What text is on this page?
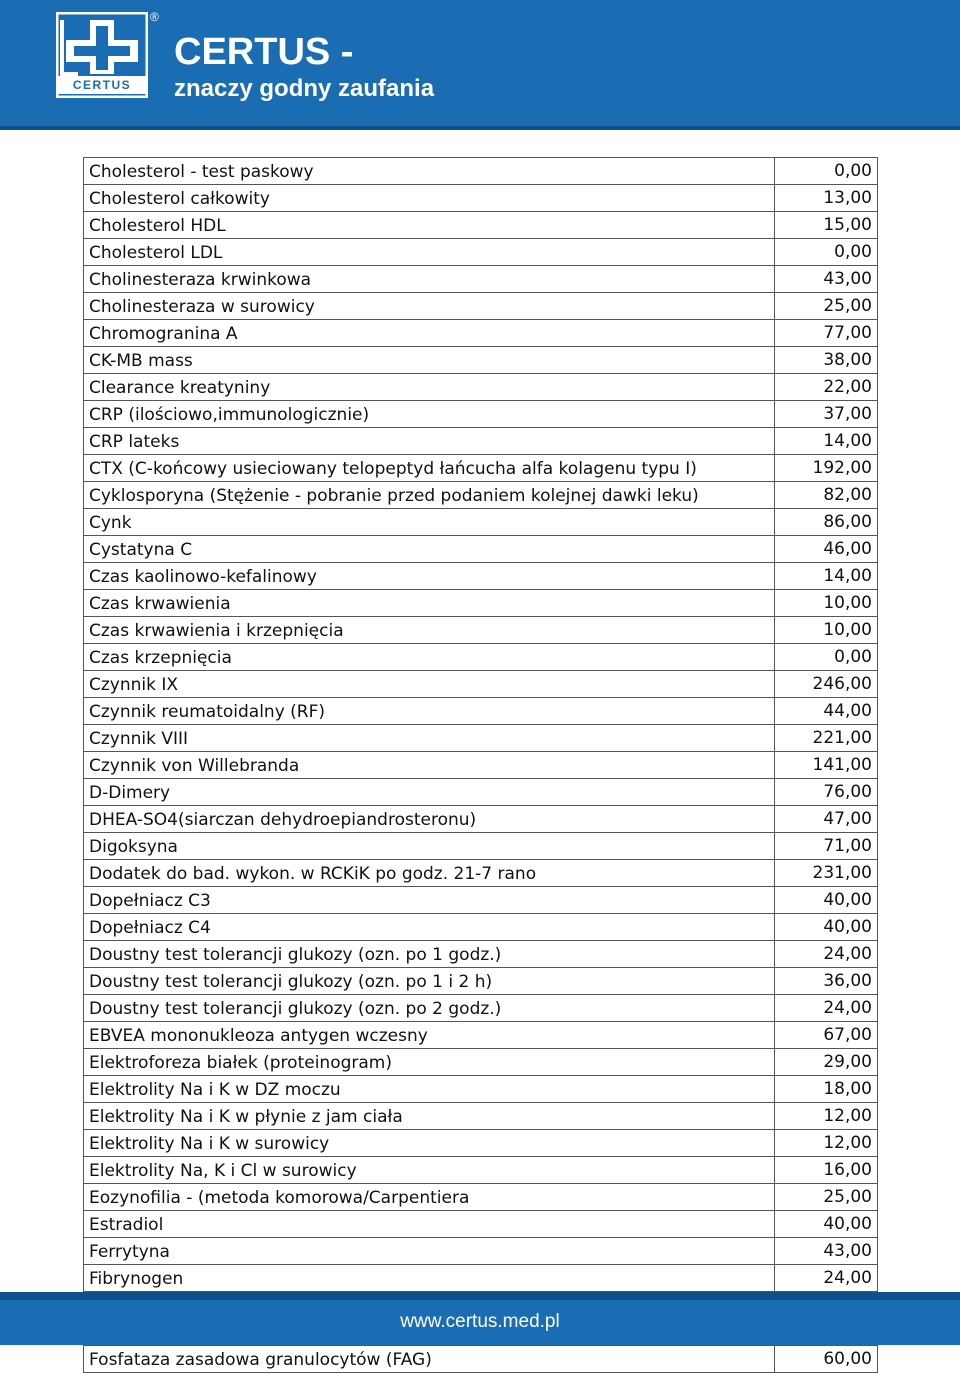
CERTUS
®
CERTUS -
znaczy godny zaufania
Cholesterol - test paskowy	0,00
Cholesterol całkowity	13,00
Cholesterol HDL	15,00
Cholesterol LDL	0,00
Cholinesteraza krwinkowa	43,00
Cholinesteraza w surowicy	25,00
Chromogranina A	77,00
CK-MB mass	38,00
Clearance kreatyniny	22,00
CRP (ilościowo,immunologicznie)	37,00
CRP lateks	14,00
CTX (C-końcowy usieciowany telopeptyd łańcucha alfa kolagenu typu I)	192,00
Cyklosporyna (Stężenie - pobranie przed podaniem kolejnej dawki leku)	82,00
Cynk	86,00
Cystatyna C	46,00
Czas kaolinowo-kefalinowy	14,00
Czas krwawienia	10,00
Czas krwawienia i krzepnięcia	10,00
Czas krzepnięcia	0,00
Czynnik IX	246,00
Czynnik reumatoidalny (RF)	44,00
Czynnik VIII	221,00
Czynnik von Willebranda	141,00
D-Dimery	76,00
DHEA-SO4(siarczan dehydroepiandrosteronu)	47,00
Digoksyna	71,00
Dodatek do bad. wykon. w RCKiK po godz. 21-7 rano	231,00
Dopełniacz C3	40,00
Dopełniacz C4	40,00
Doustny test tolerancji glukozy (ozn. po 1 godz.)	24,00
Doustny test tolerancji glukozy (ozn. po 1 i 2 h)	36,00
Doustny test tolerancji glukozy (ozn. po 2 godz.)	24,00
EBVEA mononukleoza antygen wczesny	67,00
Elektroforeza białek (proteinogram)	29,00
Elektrolity Na i K w DZ moczu	18,00
Elektrolity Na i K w płynie z jam ciała	12,00
Elektrolity Na i K w surowicy	12,00
Elektrolity Na, K i Cl w surowicy	16,00
Eozynofilia - (metoda komorowa/Carpentiera	25,00
Estradiol	40,00
Ferrytyna	43,00
Fibrynogen	24,00

Fosfataza zasadowa granulocytów (FAG)	60,00
www.certus.med.pl
